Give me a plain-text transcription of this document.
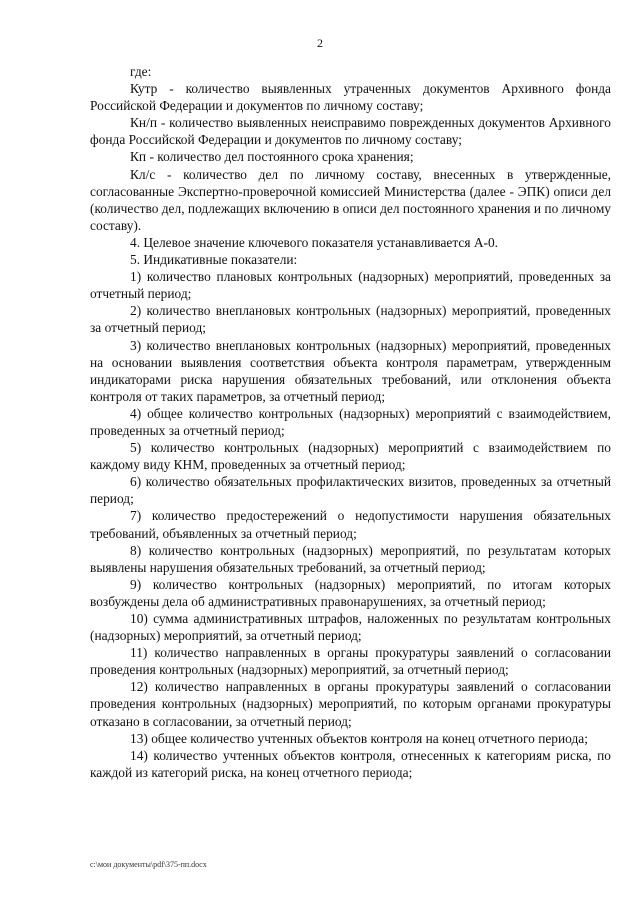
2

где:

Кутр - количество выявленных утраченных документов Архивного фонда Российской Федерации и документов по личному составу;

Кн/п - количество выявленных неисправимо поврежденных документов Архивного фонда Российской Федерации и документов по личному составу;

Кп - количество дел постоянного срока хранения;

Кл/с - количество дел по личному составу, внесенных в утвержденные, согласованные Экспертно-проверочной комиссией Министерства (далее - ЭПК) описи дел (количество дел, подлежащих включению в описи дел постоянного хранения и по личному составу).

4. Целевое значение ключевого показателя устанавливается А-0.

5. Индикативные показатели:

1) количество плановых контрольных (надзорных) мероприятий, проведенных за отчетный период;

2) количество внеплановых контрольных (надзорных) мероприятий, проведенных за отчетный период;

3) количество внеплановых контрольных (надзорных) мероприятий, проведенных на основании выявления соответствия объекта контроля параметрам, утвержденным индикаторами риска нарушения обязательных требований, или отклонения объекта контроля от таких параметров, за отчетный период;

4) общее количество контрольных (надзорных) мероприятий с взаимодействием, проведенных за отчетный период;

5) количество контрольных (надзорных) мероприятий с взаимодействием по каждому виду КНМ, проведенных за отчетный период;

6) количество обязательных профилактических визитов, проведенных за отчетный период;

7) количество предостережений о недопустимости нарушения обязательных требований, объявленных за отчетный период;

8) количество контрольных (надзорных) мероприятий, по результатам которых выявлены нарушения обязательных требований, за отчетный период;

9) количество контрольных (надзорных) мероприятий, по итогам которых возбуждены дела об административных правонарушениях, за отчетный период;

10) сумма административных штрафов, наложенных по результатам контрольных (надзорных) мероприятий, за отчетный период;

11) количество направленных в органы прокуратуры заявлений о согласовании проведения контрольных (надзорных) мероприятий, за отчетный период;

12) количество направленных в органы прокуратуры заявлений о согласовании проведения контрольных (надзорных) мероприятий, по которым органами прокуратуры отказано в согласовании, за отчетный период;

13) общее количество учтенных объектов контроля на конец отчетного периода;

14) количество учтенных объектов контроля, отнесенных к категориям риска, по каждой из категорий риска, на конец отчетного периода;

c:\мои документы\pdf\375-пп.docx
